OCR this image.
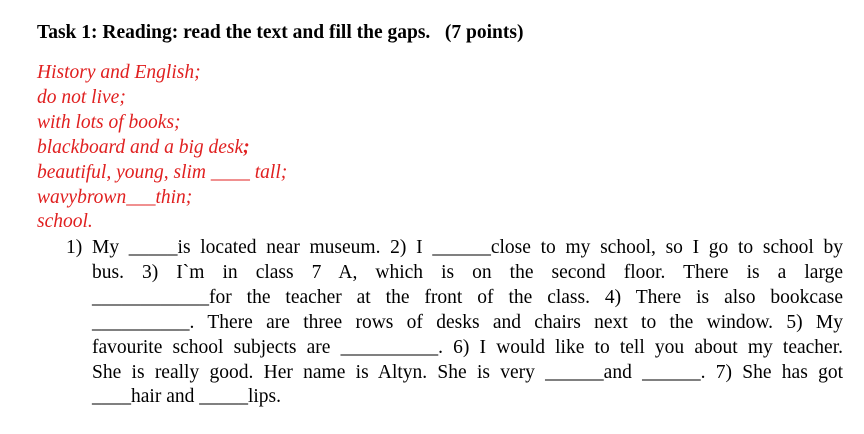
Task 1: Reading: read the text and fill the gaps.   (7 points)
History and English;
do not live;
with lots of books;
blackboard and a big desk;
beautiful, young, slim ____ tall;
wavybrown___thin;
school.
1) My _____is located near museum. 2) I ______close to my school, so I go to school by
bus. 3) I`m in class 7 A, which is on the second floor. There is a large
____________for the teacher at the front of the class. 4) There is also bookcase
__________. There are three rows of desks and chairs next to the window. 5) My
favourite school subjects are __________. 6) I would like to tell you about my teacher.
She is really good. Her name is Altyn. She is very ______and ______. 7) She has got
____hair and _____lips.
